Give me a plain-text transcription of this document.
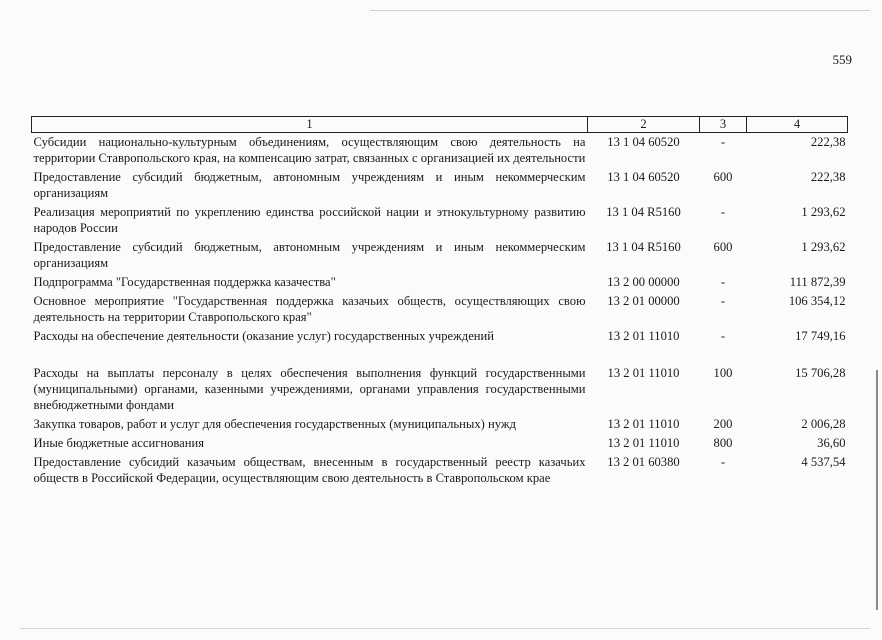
559
1	2	3	4
Субсидии национально-культурным объединениям, осуществляющим свою деятельность на территории Ставропольского края, на компенсацию затрат, связанных с организацией их деятельности	13 1 04 60520	-	222,38
Предоставление субсидий бюджетным, автономным учреждениям и иным некоммерческим организациям	13 1 04 60520	600	222,38
Реализация мероприятий по укреплению единства российской нации и этнокультурному развитию народов России	13 1 04 R5160	-	1 293,62
Предоставление субсидий бюджетным, автономным учреждениям и иным некоммерческим организациям	13 1 04 R5160	600	1 293,62
Подпрограмма "Государственная поддержка казачества"	13 2 00 00000	-	111 872,39
Основное мероприятие "Государственная поддержка казачьих обществ, осуществляющих свою деятельность на территории Ставропольского края"	13 2 01 00000	-	106 354,12
Расходы на обеспечение деятельности (оказание услуг) государственных учреждений	13 2 01 11010	-	17 749,16
Расходы на выплаты персоналу в целях обеспечения выполнения функций государственными (муниципальными) органами, казенными учреждениями, органами управления государственными внебюджетными фондами	13 2 01 11010	100	15 706,28
Закупка товаров, работ и услуг для обеспечения государственных (муниципальных) нужд	13 2 01 11010	200	2 006,28
Иные бюджетные ассигнования	13 2 01 11010	800	36,60
Предоставление субсидий казачьим обществам, внесенным в государственный реестр казачьих обществ в Российской Федерации, осуществляющим свою деятельность в Ставропольском крае	13 2 01 60380	-	4 537,54
